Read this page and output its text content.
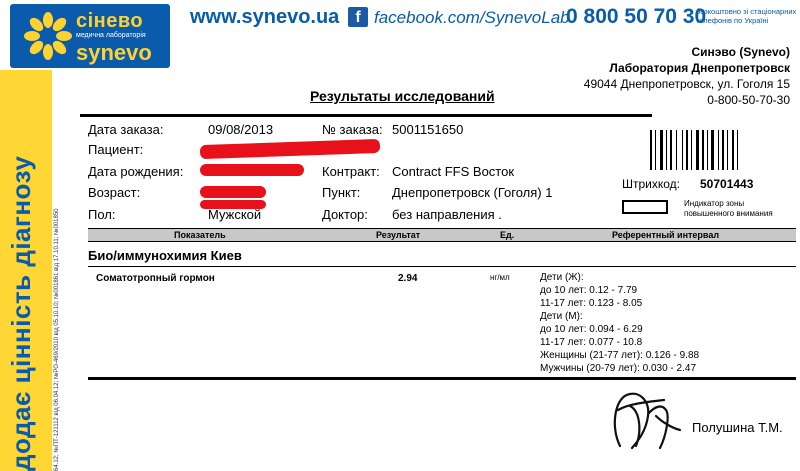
сінево
медична лабораторія
synevo
www.synevo.ua	f facebook.com/SynevoLab
0 800 50 70 30
безкоштовно зі стаціонарних телефонів по Україні
додає цінність діагнозу	64.12; №ПТ-121112 від 06.04.12; №РО-469/2010 від 05.10.10; №001861 від 17.10.11; №001850
Синэво (Synevo)
Лаборатория Днепропетровск
49044 Днепропетровск, ул. Гоголя 15
0-800-50-70-30
Результаты исследований
Дата заказа:	09/08/2013	№ заказа: 5001151650
Пациент:
Дата рождения:	Контракт: Contract FFS Восток
Возраст:	Пункт: Днепропетровск (Гоголя) 1
Пол:	Мужской	Доктор: без направления .
Штрихкод: 50701443
Индикатор зоны повышенного внимания
Показатель	Результат	Ед.	Референтный интервал
Био/иммунохимия Киев
Соматотропный гормон	2.94	нг/мл	Дети (Ж):
до 10 лет: 0.12 - 7.79
11-17 лет: 0.123 - 8.05
Дети (М):
до 10 лет: 0.094 - 6.29
11-17 лет: 0.077 - 10.8
Женщины (21-77 лет): 0.126 - 9.88
Мужчины (20-79 лет): 0.030 - 2.47
Полушина Т.М.
